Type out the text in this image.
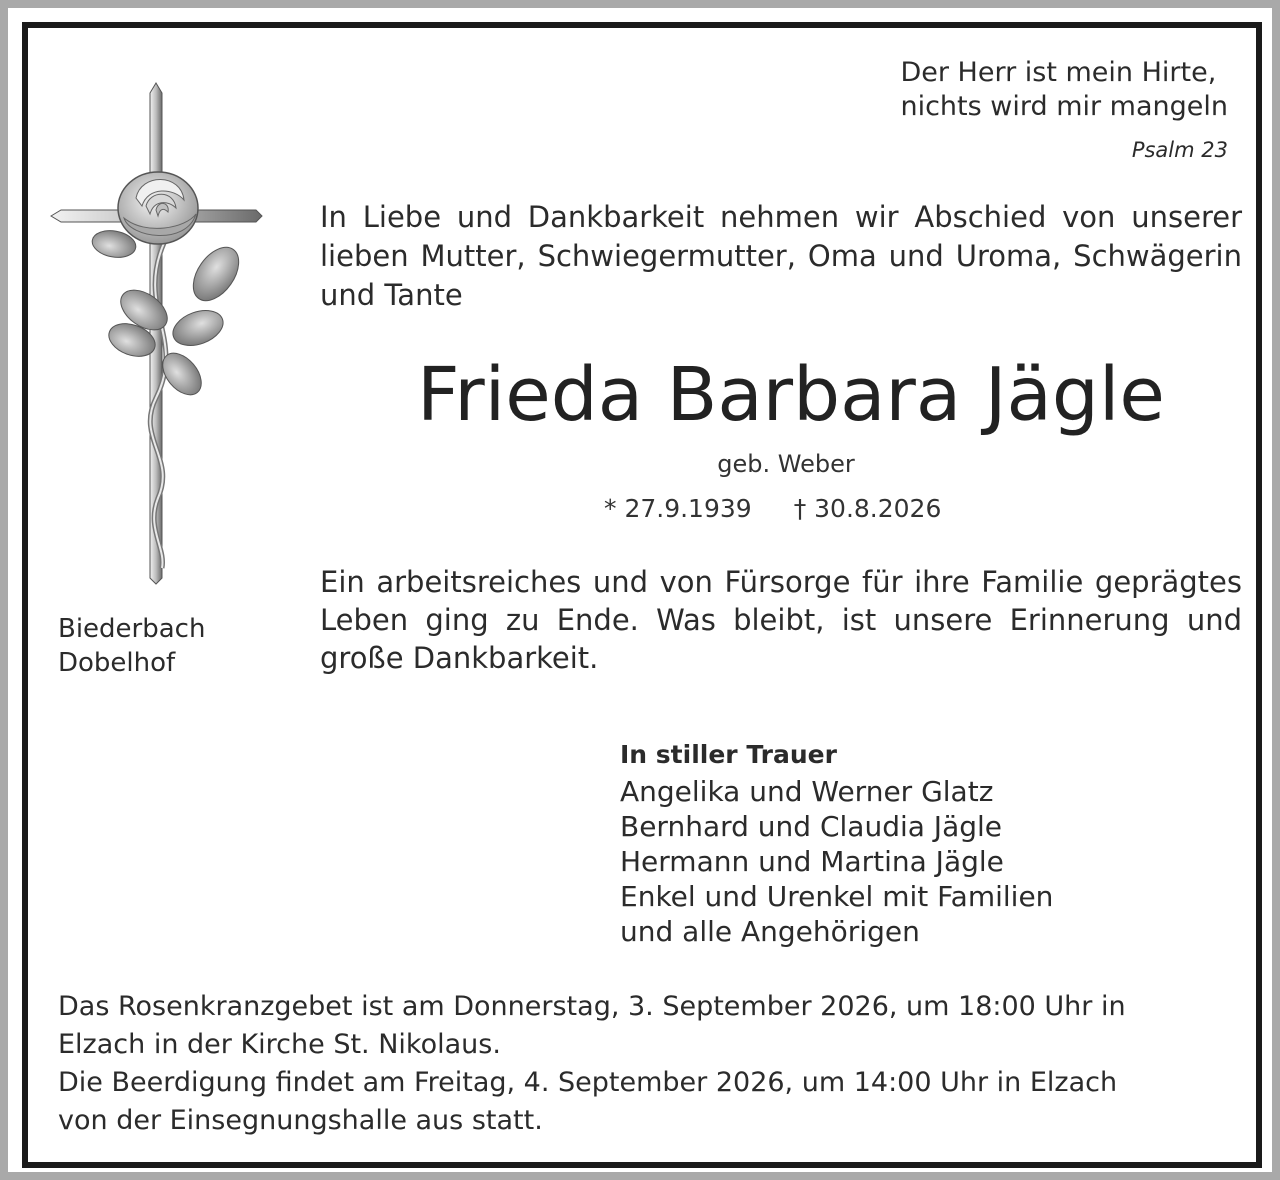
Der Herr ist mein Hirte,
nichts wird mir mangeln
Psalm 23
Biederbach
Dobelhof
In Liebe und Dankbarkeit nehmen wir Abschied von unserer lieben Mutter, Schwiegermutter, Oma und Uroma, Schwägerin und Tante
Frieda Barbara Jägle
geb. Weber
* 27.9.1939 † 30.8.2026
Ein arbeitsreiches und von Fürsorge für ihre Familie geprägtes Leben ging zu Ende. Was bleibt, ist unsere Erinnerung und große Dankbarkeit.
In stiller Trauer
Angelika und Werner Glatz
Bernhard und Claudia Jägle
Hermann und Martina Jägle
Enkel und Urenkel mit Familien
und alle Angehörigen
Das Rosenkranzgebet ist am Donnerstag, 3. September 2026, um 18:00 Uhr in
Elzach in der Kirche St. Nikolaus.
Die Beerdigung findet am Freitag, 4. September 2026, um 14:00 Uhr in Elzach
von der Einsegnungshalle aus statt.
